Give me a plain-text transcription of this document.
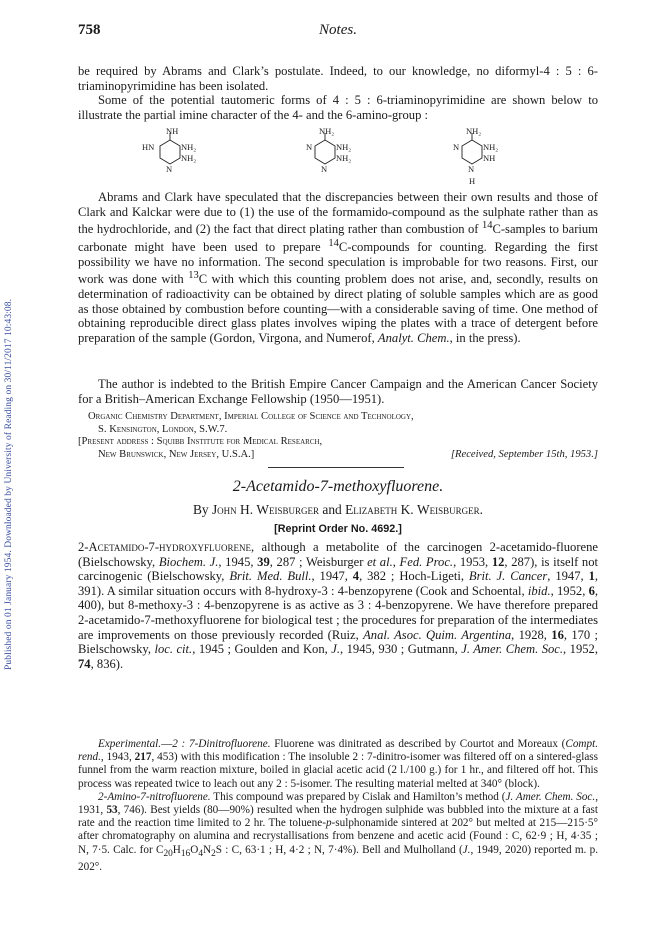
Published on 01 January 1954. Downloaded by University of Reading on 30/11/2017 10:43:08.
758	Notes.

be required by Abrams and Clark’s postulate. Indeed, to our knowledge, no diformyl-4 : 5 : 6-triaminopyrimidine has been isolated.

Some of the potential tautomeric forms of 4 : 5 : 6-triaminopyrimidine are shown below to illustrate the partial imine character of the 4- and the 6-amino-group :

NH
HN	NH₂
NH₂
N
NH₂
N	NH₂
NH₂
N
NH₂
N	NH₂
NH
N
H

Abrams and Clark have speculated that the discrepancies between their own results and those of Clark and Kalckar were due to (1) the use of the formamido-compound as the sulphate rather than as the hydrochloride, and (2) the fact that direct plating rather than combustion of $^{14}$C-samples to barium carbonate might have been used to prepare $^{14}$C-compounds for counting. Regarding the first possibility we have no information. The second speculation is improbable for two reasons. First, our work was done with $^{13}$C with which this counting problem does not arise, and, secondly, results on determination of radioactivity can be obtained by direct plating of soluble samples which are as good as those obtained by combustion before counting—with a considerable saving of time. One method of obtaining reproducible direct glass plates involves wiping the plates with a trace of detergent before preparation of the sample (Gordon, Virgona, and Numerof, Analyt. Chem., in the press).

The author is indebted to the British Empire Cancer Campaign and the American Cancer Society for a British–American Exchange Fellowship (1950—1951).

Organic Chemistry Department, Imperial College of Science and Technology,
S. Kensington, London, S.W.7.
[Present address : Squibb Institute for Medical Research,
New Brunswick, New Jersey, U.S.A.]	[Received, September 15th, 1953.]
2-Acetamido-7-methoxyfluorene.
By John H. Weisburger and Elizabeth K. Weisburger.
[Reprint Order No. 4692.]

2-Acetamido-7-hydroxyfluorene, although a metabolite of the carcinogen 2-acetamido-fluorene (Bielschowsky, Biochem. J., 1945, 39, 287 ; Weisburger et al., Fed. Proc., 1953, 12, 287), is itself not carcinogenic (Bielschowsky, Brit. Med. Bull., 1947, 4, 382 ; Hoch-Ligeti, Brit. J. Cancer, 1947, 1, 391). A similar situation occurs with 8-hydroxy-3 : 4-benzopyrene (Cook and Schoental, ibid., 1952, 6, 400), but 8-methoxy-3 : 4-benzopyrene is as active as 3 : 4-benzopyrene. We have therefore prepared 2-acetamido-7-methoxyfluorene for biological test ; the procedures for preparation of the intermediates are improvements on those previously recorded (Ruiz, Anal. Asoc. Quim. Argentina, 1928, 16, 170 ; Bielschowsky, loc. cit., 1945 ; Goulden and Kon, J., 1945, 930 ; Gutmann, J. Amer. Chem. Soc., 1952, 74, 836).

Experimental.—2 : 7-Dinitrofluorene. Fluorene was dinitrated as described by Courtot and Moreaux (Compt. rend., 1943, 217, 453) with this modification : The insoluble 2 : 7-dinitro-isomer was filtered off on a sintered-glass funnel from the warm reaction mixture, boiled in glacial acetic acid (2 l./100 g.) for 1 hr., and filtered off hot. This process was repeated twice to leach out any 2 : 5-isomer. The resulting material melted at 340° (block).

2-Amino-7-nitrofluorene. This compound was prepared by Cislak and Hamilton’s method (J. Amer. Chem. Soc., 1931, 53, 746). Best yields (80—90%) resulted when the hydrogen sulphide was bubbled into the mixture at a fast rate and the reaction time limited to 2 hr. The toluene-p-sulphonamide sintered at 202° but melted at 215—215·5° after chromatography on alumina and recrystallisations from benzene and acetic acid (Found : C, 62·9 ; H, 4·35 ; N, 7·5. Calc. for $C_{20}H_{16}O_4N_2S$ : C, 63·1 ; H, 4·2 ; N, 7·4%). Bell and Mulholland (J., 1949, 2020) reported m. p. 202°.
